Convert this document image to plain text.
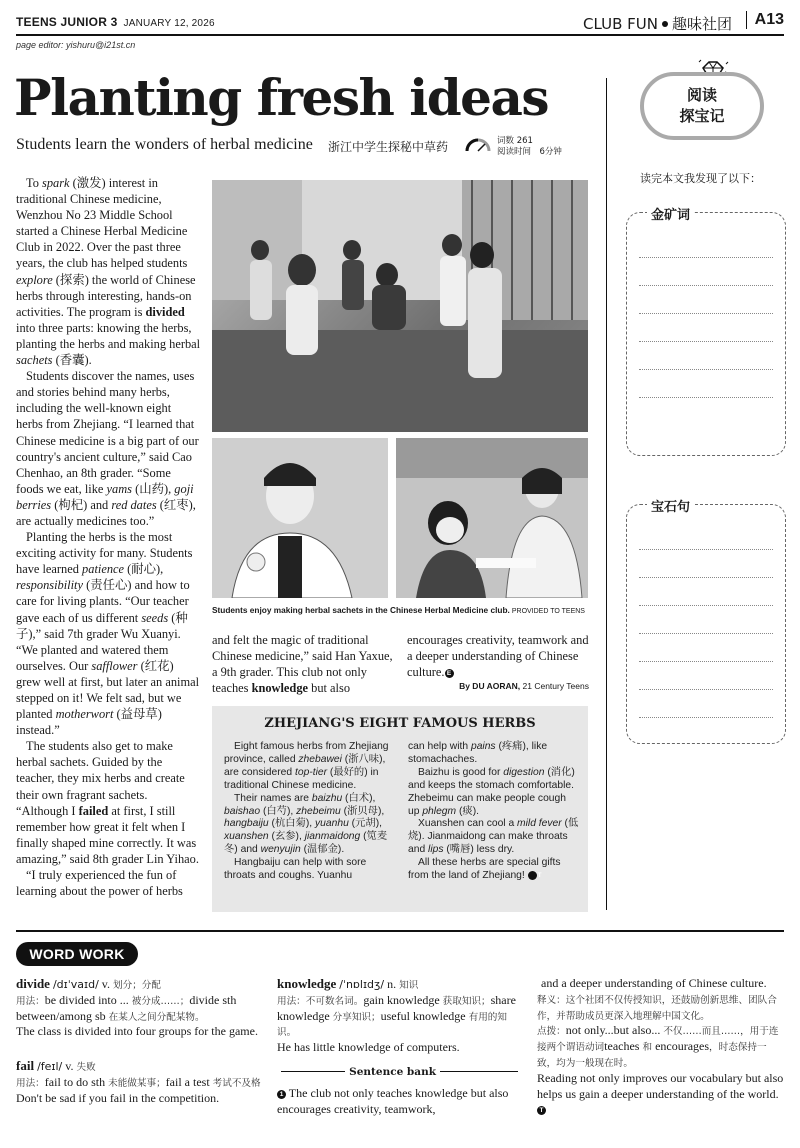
TEENS JUNIOR 3 JANUARY 12, 2026	CLUB FUN 趣味社团	A13
page editor: yishuru@i21st.cn
Planting fresh ideas
Students learn the wonders of herbal medicine 浙江中学生探秘中草药	词数 261
阅读时间　6分钟

To spark (激发) interest in traditional Chinese medicine, Wenzhou No 23 Middle School started a Chinese Herbal Medicine Club in 2022. Over the past three years, the club has helped students explore (探索) the world of Chinese herbs through interesting, hands-on activities. The program is divided into three parts: knowing the herbs, planting the herbs and making herbal sachets (香囊).

Students discover the names, uses and stories behind many herbs, including the well-known eight herbs from Zhejiang. “I learned that Chinese medicine is a big part of our country's ancient culture,” said Cao Chenhao, an 8th grader. “Some foods we eat, like yams (山药), goji berries (枸杞) and red dates (红枣), are actually medicines too.”

Planting the herbs is the most exciting activity for many. Students have learned patience (耐心), responsibility (责任心) and how to care for living plants. “Our teacher gave each of us different seeds (种子),” said 7th grader Wu Xuanyi. “We planted and watered them ourselves. Our safflower (红花) grew well at first, but later an animal stepped on it! We felt sad, but we planted motherwort (益母草) instead.”

The students also get to make herbal sachets. Guided by the teacher, they mix herbs and create their own fragrant sachets. “Although I failed at first, I still remember how great it felt when I finally shaped mine correctly. It was amazing,” said 8th grader Lin Yihao.

“I truly experienced the fun of learning about the power of herbs

Students enjoy making herbal sachets in the Chinese Herbal Medicine club. PROVIDED TO TEENS

and felt the magic of traditional Chinese medicine,” said Han Yaxue, a 9th grader. This club not only teaches knowledge but also

encourages creativity, teamwork and a deeper understanding of Chinese culture. E

By DU AORAN, 21 Century Teens
ZHEJIANG'S EIGHT FAMOUS HERBS

Eight famous herbs from Zhejiang province, called zhebawei (浙八味), are considered top-tier (最好的) in traditional Chinese medicine.

Their names are baizhu (白术), baishao (白芍), zhebeimu (浙贝母), hangbaiju (杭白菊), yuanhu (元胡), xuanshen (玄参), jianmaidong (笕麦冬) and wenyujin (温郁金).

Hangbaiju can help with sore throats and coughs. Yuanhu

can help with pains (疼痛), like stomachaches.

Baizhu is good for digestion (消化) and keeps the stomach comfortable. Zhebeimu can make people cough up phlegm (痰).

Xuanshen can cool a mild fever (低烧). Jianmaidong can make throats and lips (嘴唇) less dry.

All these herbs are special gifts from the land of Zhejiang! T

阅读
探宝记
读完本文我发现了以下：
金矿词
宝石句
WORD WORK
divide /dɪˈvaɪd/ v. 划分；分配
用法：be divided into ... 被分成……；divide sth between/among sb 在某人之间分配某物。
The class is divided into four groups for the game.
fail /feɪl/ v. 失败
用法：fail to do sth 未能做某事；fail a test 考试不及格
Don't be sad if you fail in the competition.
knowledge /ˈnɒlɪdʒ/ n. 知识
用法：不可数名词。gain knowledge 获取知识；share knowledge 分享知识；useful knowledge 有用的知识。
He has little knowledge of computers.
Sentence bank
1 The club not only teaches knowledge but also encourages creativity, teamwork,
and a deeper understanding of Chinese culture.
释义：这个社团不仅传授知识，还鼓励创新思维、团队合作，并帮助成员更深入地理解中国文化。
点拨：not only...but also... 不仅……而且……，用于连接两个谓语动词teaches 和 encourages，时态保持一致，均为一般现在时。
Reading not only improves our vocabulary but also helps us gain a deeper understanding of the world. T
